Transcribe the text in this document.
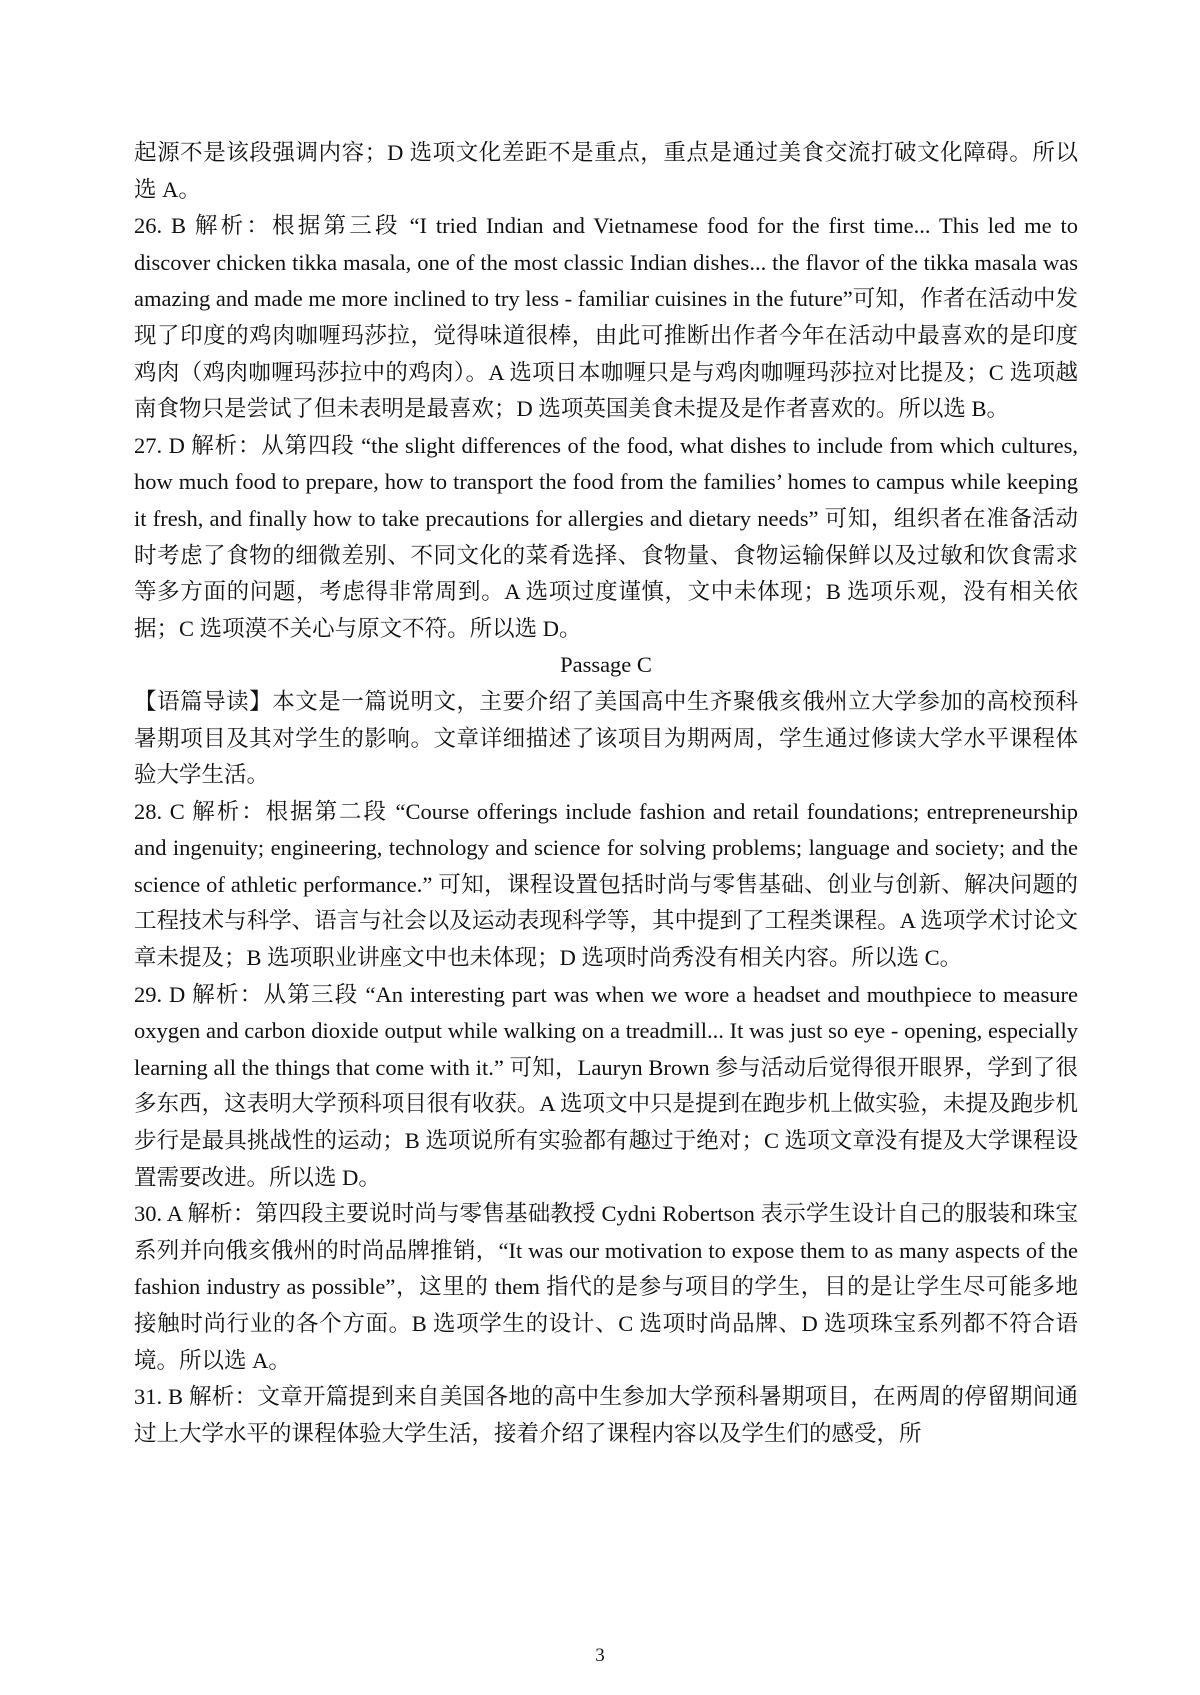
起源不是该段强调内容；D 选项文化差距不是重点，重点是通过美食交流打破文化障碍。所以选 A。

26. B 解析：根据第三段 “I tried Indian and Vietnamese food for the first time... This led me to discover chicken tikka masala, one of the most classic Indian dishes... the flavor of the tikka masala was amazing and made me more inclined to try less - familiar cuisines in the future”可知，作者在活动中发现了印度的鸡肉咖喱玛莎拉，觉得味道很棒，由此可推断出作者今年在活动中最喜欢的是印度鸡肉（鸡肉咖喱玛莎拉中的鸡肉）。A 选项日本咖喱只是与鸡肉咖喱玛莎拉对比提及；C 选项越南食物只是尝试了但未表明是最喜欢；D 选项英国美食未提及是作者喜欢的。所以选 B。

27. D 解析：从第四段 “the slight differences of the food, what dishes to include from which cultures, how much food to prepare, how to transport the food from the families’ homes to campus while keeping it fresh, and finally how to take precautions for allergies and dietary needs” 可知，组织者在准备活动时考虑了食物的细微差别、不同文化的菜肴选择、食物量、食物运输保鲜以及过敏和饮食需求等多方面的问题，考虑得非常周到。A 选项过度谨慎，文中未体现；B 选项乐观，没有相关依据；C 选项漠不关心与原文不符。所以选 D。

Passage C

【语篇导读】本文是一篇说明文，主要介绍了美国高中生齐聚俄亥俄州立大学参加的高校预科暑期项目及其对学生的影响。文章详细描述了该项目为期两周，学生通过修读大学水平课程体验大学生活。

28. C 解析：根据第二段 “Course offerings include fashion and retail foundations; entrepreneurship and ingenuity; engineering, technology and science for solving problems; language and society; and the science of athletic performance.” 可知，课程设置包括时尚与零售基础、创业与创新、解决问题的工程技术与科学、语言与社会以及运动表现科学等，其中提到了工程类课程。A 选项学术讨论文章未提及；B 选项职业讲座文中也未体现；D 选项时尚秀没有相关内容。所以选 C。

29. D 解析：从第三段 “An interesting part was when we wore a headset and mouthpiece to measure oxygen and carbon dioxide output while walking on a treadmill... It was just so eye - opening, especially learning all the things that come with it.” 可知，Lauryn Brown 参与活动后觉得很开眼界，学到了很多东西，这表明大学预科项目很有收获。A 选项文中只是提到在跑步机上做实验，未提及跑步机步行是最具挑战性的运动；B 选项说所有实验都有趣过于绝对；C 选项文章没有提及大学课程设置需要改进。所以选 D。

30. A 解析：第四段主要说时尚与零售基础教授 Cydni Robertson 表示学生设计自己的服装和珠宝系列并向俄亥俄州的时尚品牌推销，“It was our motivation to expose them to as many aspects of the fashion industry as possible”，这里的 them 指代的是参与项目的学生，目的是让学生尽可能多地接触时尚行业的各个方面。B 选项学生的设计、C 选项时尚品牌、D 选项珠宝系列都不符合语境。所以选 A。

31. B 解析：文章开篇提到来自美国各地的高中生参加大学预科暑期项目，在两周的停留期间通过上大学水平的课程体验大学生活，接着介绍了课程内容以及学生们的感受，所

3
